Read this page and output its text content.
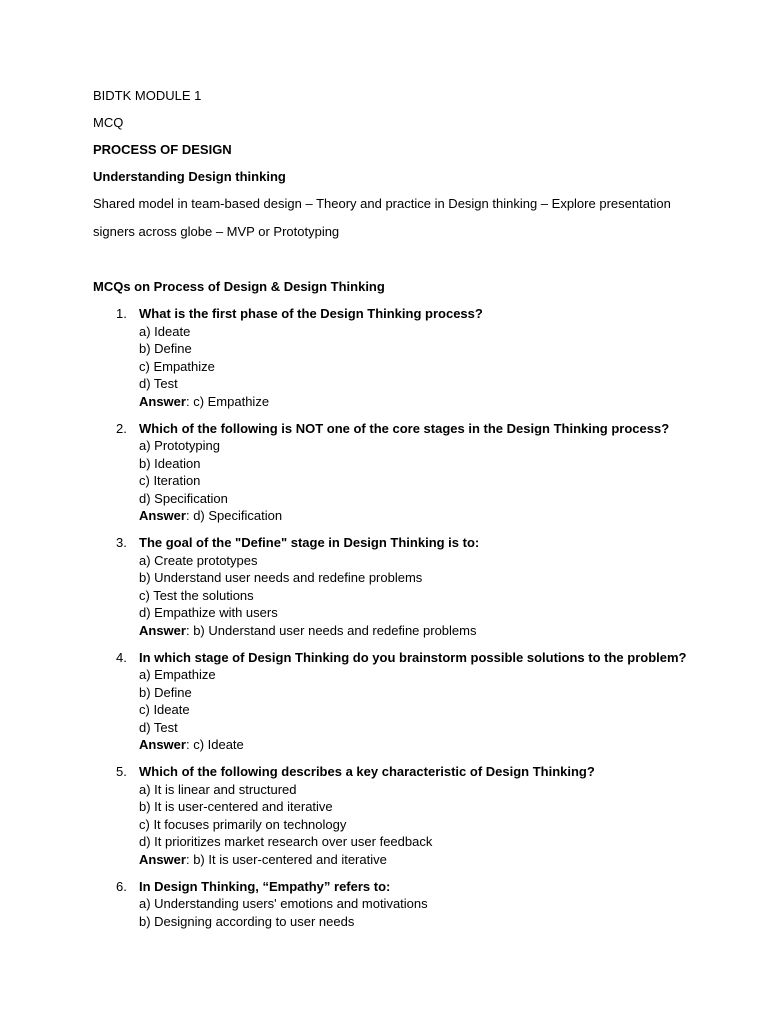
BIDTK MODULE 1
MCQ
PROCESS OF DESIGN
Understanding Design thinking
Shared model in team-based design – Theory and practice in Design thinking – Explore presentation
signers across globe – MVP or Prototyping
MCQs on Process of Design & Design Thinking
1. What is the first phase of the Design Thinking process?
a) Ideate
b) Define
c) Empathize
d) Test
Answer: c) Empathize
2. Which of the following is NOT one of the core stages in the Design Thinking process?
a) Prototyping
b) Ideation
c) Iteration
d) Specification
Answer: d) Specification
3. The goal of the "Define" stage in Design Thinking is to:
a) Create prototypes
b) Understand user needs and redefine problems
c) Test the solutions
d) Empathize with users
Answer: b) Understand user needs and redefine problems
4. In which stage of Design Thinking do you brainstorm possible solutions to the problem?
a) Empathize
b) Define
c) Ideate
d) Test
Answer: c) Ideate
5. Which of the following describes a key characteristic of Design Thinking?
a) It is linear and structured
b) It is user-centered and iterative
c) It focuses primarily on technology
d) It prioritizes market research over user feedback
Answer: b) It is user-centered and iterative
6. In Design Thinking, “Empathy” refers to:
a) Understanding users' emotions and motivations
b) Designing according to user needs
